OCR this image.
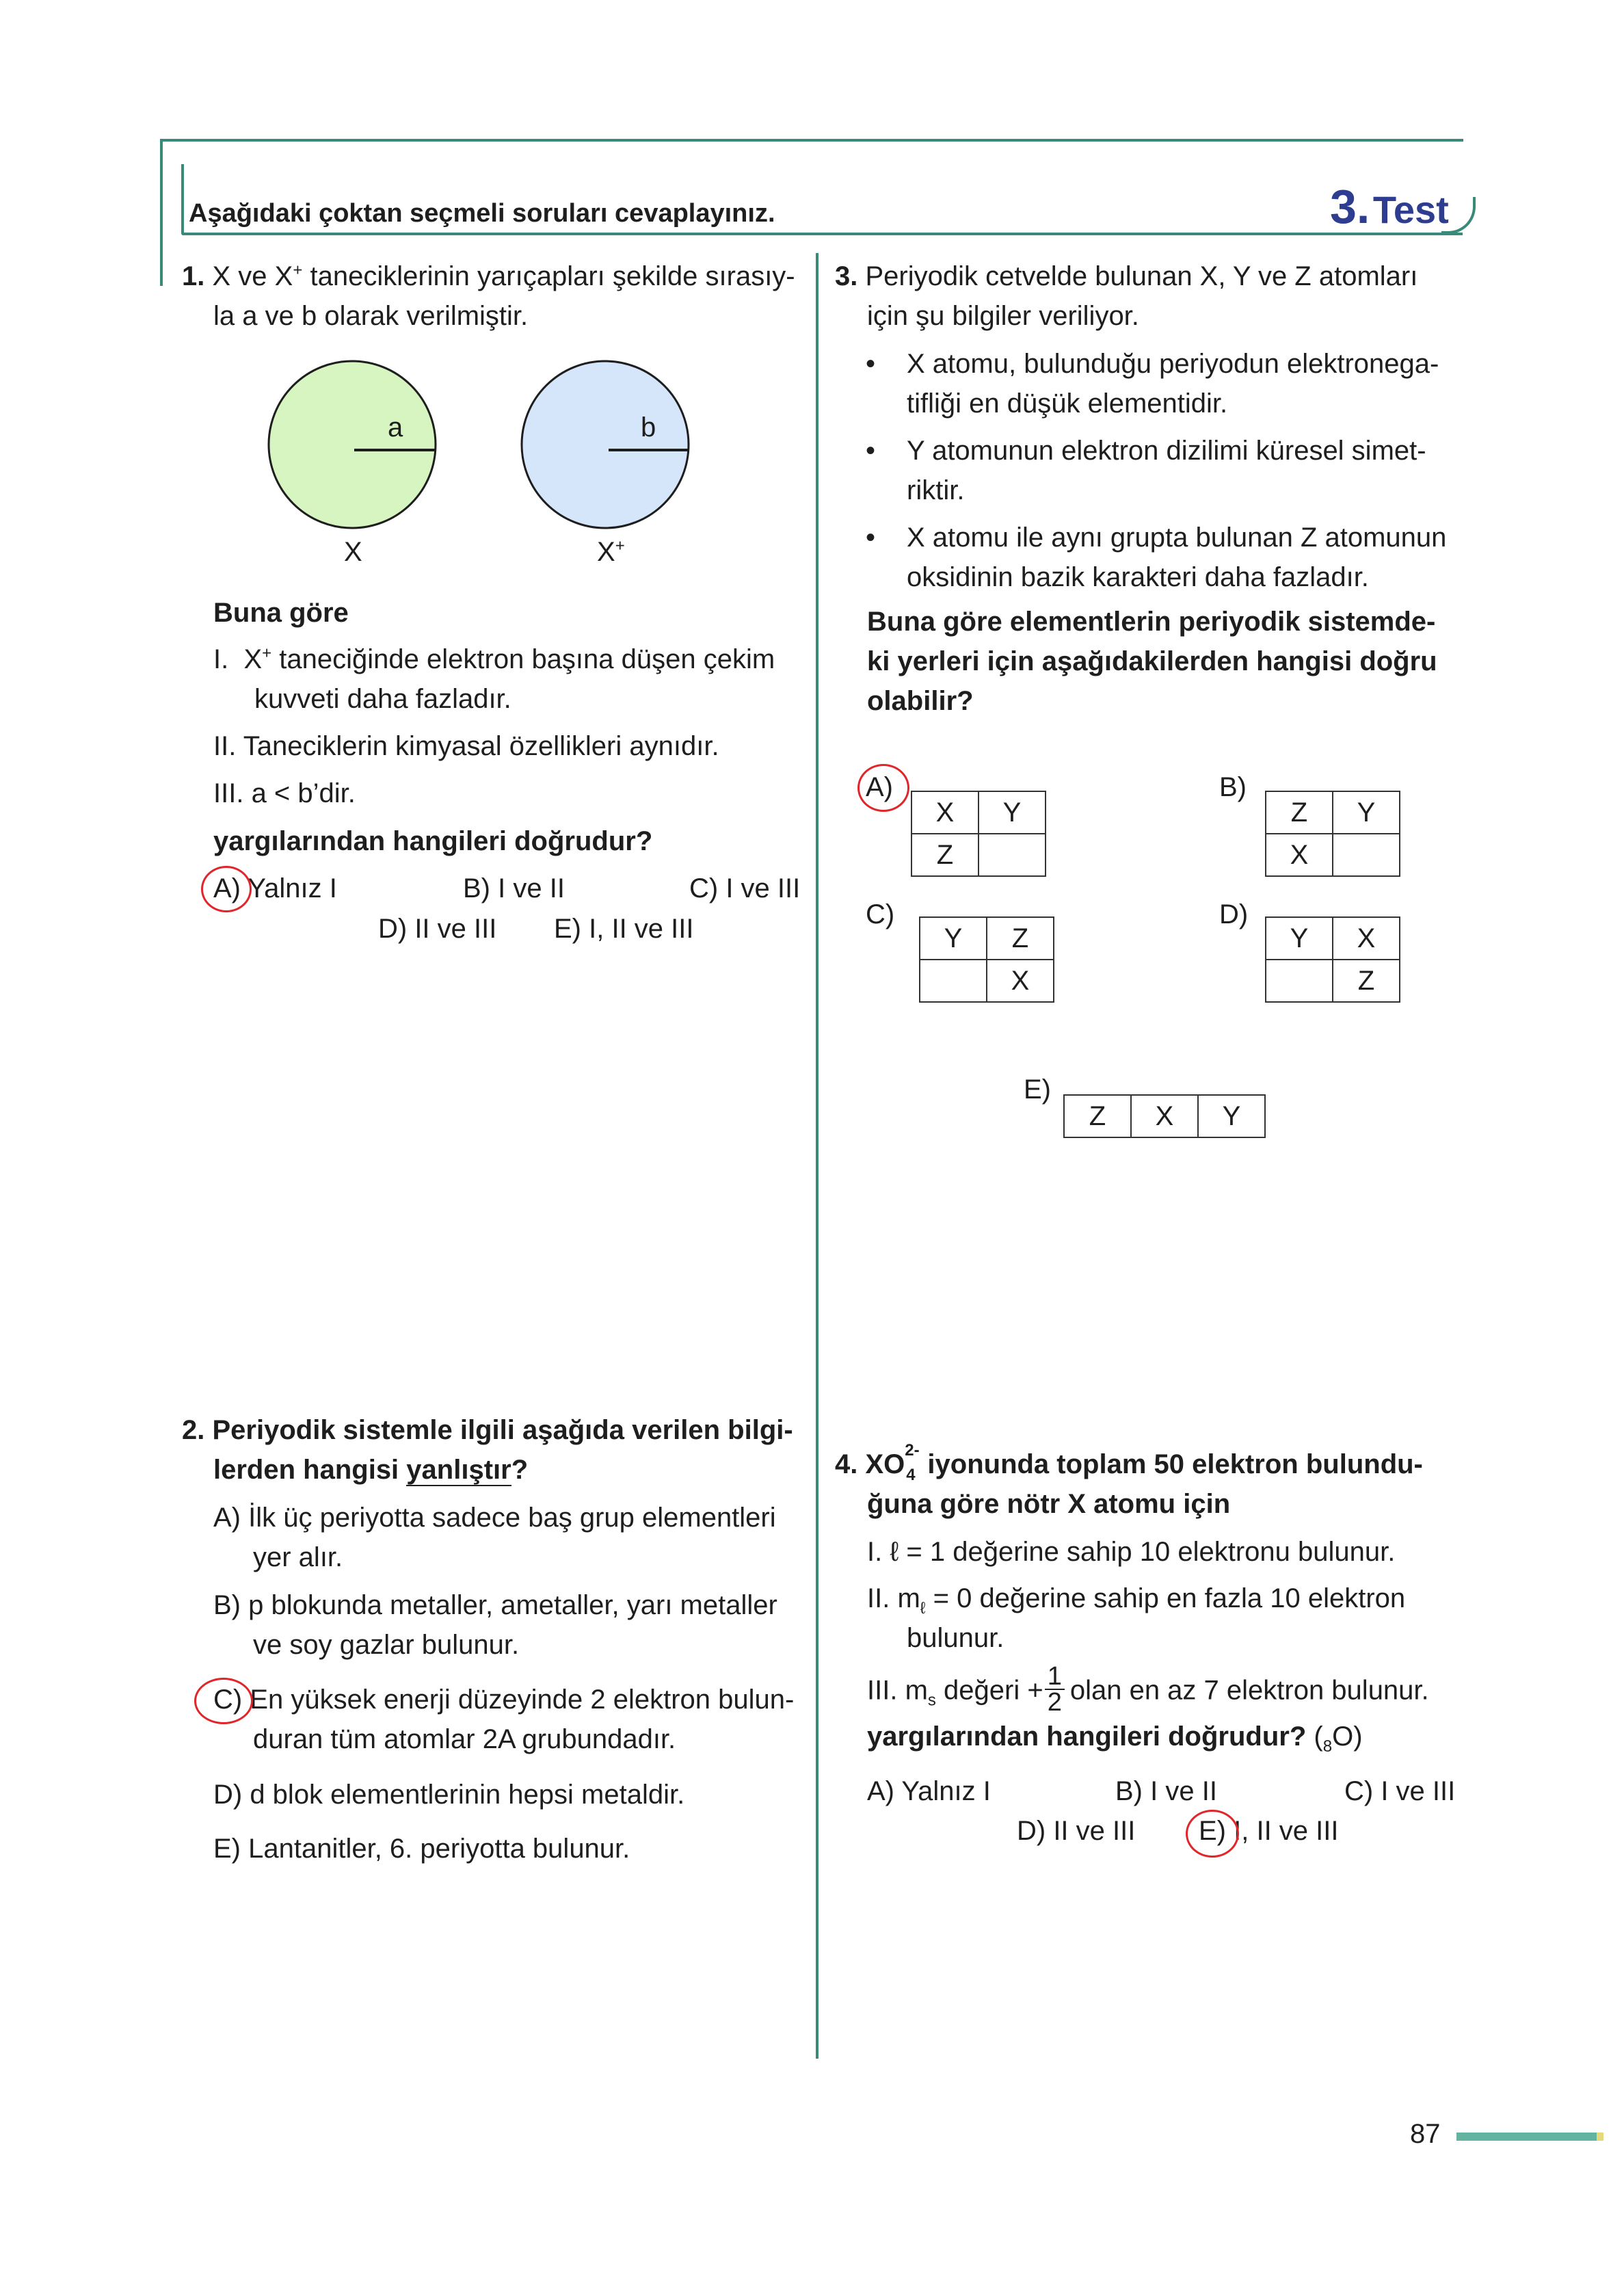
Aşağıdaki çoktan seçmeli soruları cevaplayınız.	3. Test
1. X ve X+ taneciklerinin yarıçapları şekilde sırasıy-
la a ve b olarak verilmiştir.
a	b
X	X+
Buna göre
I. X+ taneciğinde elektron başına düşen çekim
kuvveti daha fazladır.
II. Taneciklerin kimyasal özellikleri aynıdır.
III. a < b’dir.
yargılarından hangileri doğrudur?
A) Yalnız I	B) I ve II	C) I ve III
D) II ve III E) I, II ve III
2. Periyodik sistemle ilgili aşağıda verilen bilgi-
lerden hangisi yanlıştır?
A) İlk üç periyotta sadece baş grup elementleri
yer alır.
B) p blokunda metaller, ametaller, yarı metaller
ve soy gazlar bulunur.
C) En yüksek enerji düzeyinde 2 elektron bulun-
duran tüm atomlar 2A grubundadır.
D) d blok elementlerinin hepsi metaldir.
E) Lantanitler, 6. periyotta bulunur.
3. Periyodik cetvelde bulunan X, Y ve Z atomları
için şu bilgiler veriliyor.
• X atomu, bulunduğu periyodun elektronega-
tifliği en düşük elementidir.
• Y atomunun elektron dizilimi küresel simet-
riktir.
• X atomu ile aynı grupta bulunan Z atomunun
oksidinin bazik karakteri daha fazladır.
Buna göre elementlerin periyodik sistemde-
ki yerleri için aşağıdakilerden hangisi doğru
olabilir?
A)
X	Y
Z	
B)
Z	Y
X	
C)
Y	Z
	X
D)
Y	X
	Z
E)
Z	X	Y
4. XO 2-
4 iyonunda toplam 50 elektron bulundu-
ğuna göre nötr X atomu için
I. ℓ = 1 değerine sahip 10 elektronu bulunur.
II. $m_\ell = 0$ değerine sahip en fazla 10 elektron
bulunur.
III. $m_s$ değeri + $\frac{1}{2}$ olan en az 7 elektron bulunur.
yargılarından hangileri doğrudur? $(_8O)$
A) Yalnız I	B) I ve II	C) I ve III
D) II ve III E) I, II ve III
87
